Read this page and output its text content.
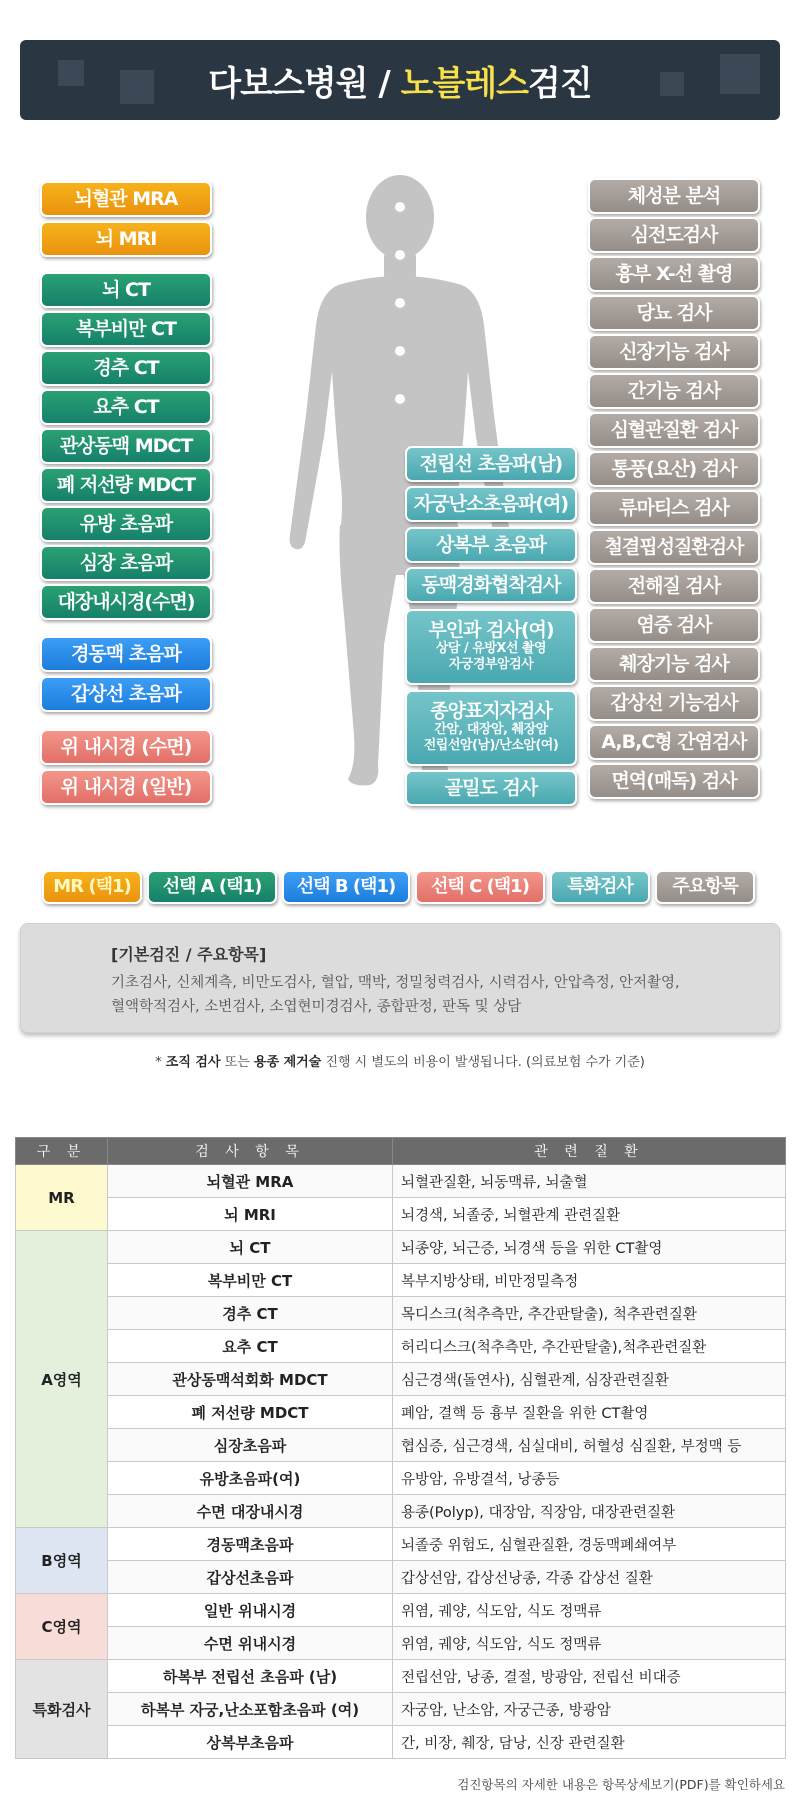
다보스병원 / 노블레스검진
뇌혈관 MRA
뇌 MRI
뇌 CT
복부비만 CT
경추 CT
요추 CT
관상동맥 MDCT
폐 저선량 MDCT
유방 초음파
심장 초음파
대장내시경(수면)
경동맥 초음파
갑상선 초음파
위 내시경 (수면)
위 내시경 (일반)
전립선 초음파(남)
자궁난소초음파(여)
상복부 초음파
동맥경화협착검사
부인과 검사(여)
상담 / 유방X선 촬영
자궁경부암검사
종양표지자검사
간암, 대장암, 췌장암
전립선암(남)/난소암(여)
골밀도 검사
체성분 분석
심전도검사
흉부 X-선 촬영
당뇨 검사
신장기능 검사
간기능 검사
심혈관질환 검사
통풍(요산) 검사
류마티스 검사
철결핍성질환검사
전해질 검사
염증 검사
췌장기능 검사
갑상선 기능검사
A,B,C형 간염검사
면역(매독) 검사
MR (택1)	선택 A (택1)	선택 B (택1)	선택 C (택1)	특화검사	주요항목
[기본검진 / 주요항목]
기초검사, 신체계측, 비만도검사, 혈압, 맥박, 정밀청력검사, 시력검사, 안압측정, 안저촬영,
혈액학적검사, 소변검사, 소엽현미경검사, 종합판정, 판독 및 상담
* 조직 검사 또는 용종 제거술 진행 시 별도의 비용이 발생됩니다. (의료보험 수가 기준)
구 분	검 사 항 목	관 련 질 환
MR	뇌혈관 MRA	뇌혈관질환, 뇌동맥류, 뇌출혈
	뇌 MRI	뇌경색, 뇌졸중, 뇌혈관계 관련질환
A영역	뇌 CT	뇌종양, 뇌근증, 뇌경색 등을 위한 CT촬영
	복부비만 CT	복부지방상태, 비만정밀측정
	경추 CT	목디스크(척추측만, 추간판탈출), 척추관련질환
	요추 CT	허리디스크(척추측만, 추간판탈출),척추관련질환
	관상동맥석회화 MDCT	심근경색(돌연사), 심혈관계, 심장관련질환
	폐 저선량 MDCT	폐암, 결핵 등 흉부 질환을 위한 CT촬영
	심장초음파	협심증, 심근경색, 심실대비, 허혈성 심질환, 부정맥 등
	유방초음파(여)	유방암, 유방결석, 낭종등
	수면 대장내시경	용종(Polyp), 대장암, 직장암, 대장관련질환
B영역	경동맥초음파	뇌졸중 위험도, 심혈관질환, 경동맥폐쇄여부
	갑상선초음파	갑상선암, 갑상선낭종, 각종 갑상선 질환
C영역	일반 위내시경	위염, 궤양, 식도암, 식도 정맥류
	수면 위내시경	위염, 궤양, 식도암, 식도 정맥류
특화검사	하복부 전립선 초음파 (남)	전립선암, 낭종, 결절, 방광암, 전립선 비대증
	하복부 자궁,난소포함초음파 (여)	자궁암, 난소암, 자궁근종, 방광암
	상복부초음파	간, 비장, 췌장, 담낭, 신장 관련질환
검진항목의 자세한 내용은 항목상세보기(PDF)를 확인하세요
